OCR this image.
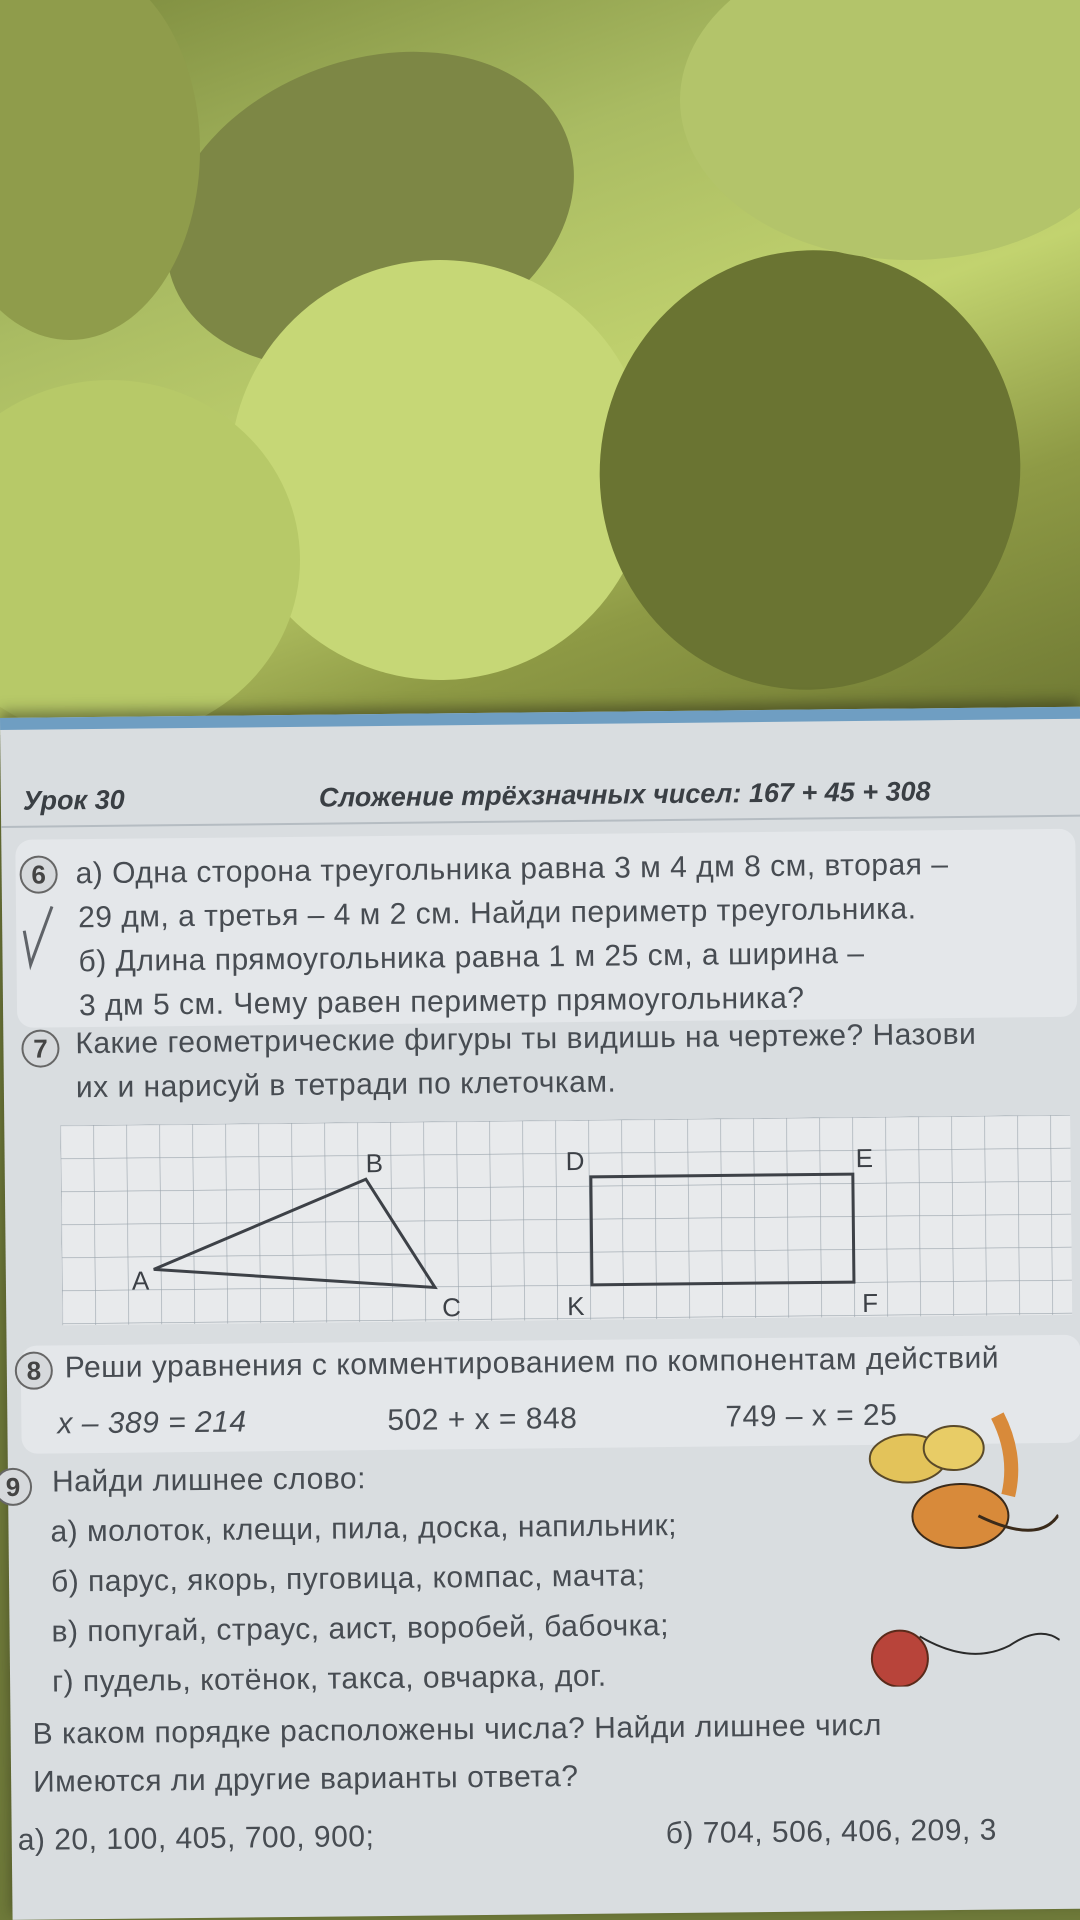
Урок 30	Сложение трёхзначных чисел: 167 + 45 + 308
6 а) Одна сторона треугольника равна 3 м 4 дм 8 см, вторая –
29 дм, а третья – 4 м 2 см. Найди периметр треугольника.
б) Длина прямоугольника равна 1 м 25 см, а ширина –
3 дм 5 см. Чему равен периметр прямоугольника?
7 Какие геометрические фигуры ты видишь на чертеже? Назови
их и нарисуй в тетради по клеточкам.
A
B
C
D	E
K	F
8 Реши уравнения с комментированием по компонентам действий
x – 389 = 214	502 + x = 848	749 – x = 25
9	Найди лишнее слово:
а) молоток, клещи, пила, доска, напильник;
б) парус, якорь, пуговица, компас, мачта;
в) попугай, страус, аист, воробей, бабочка;
г) пудель, котёнок, такса, овчарка, дог.
В каком порядке расположены числа? Найди лишнее числ
Имеются ли другие варианты ответа?
а) 20, 100, 405, 700, 900;	б) 704, 506, 406, 209, 3
